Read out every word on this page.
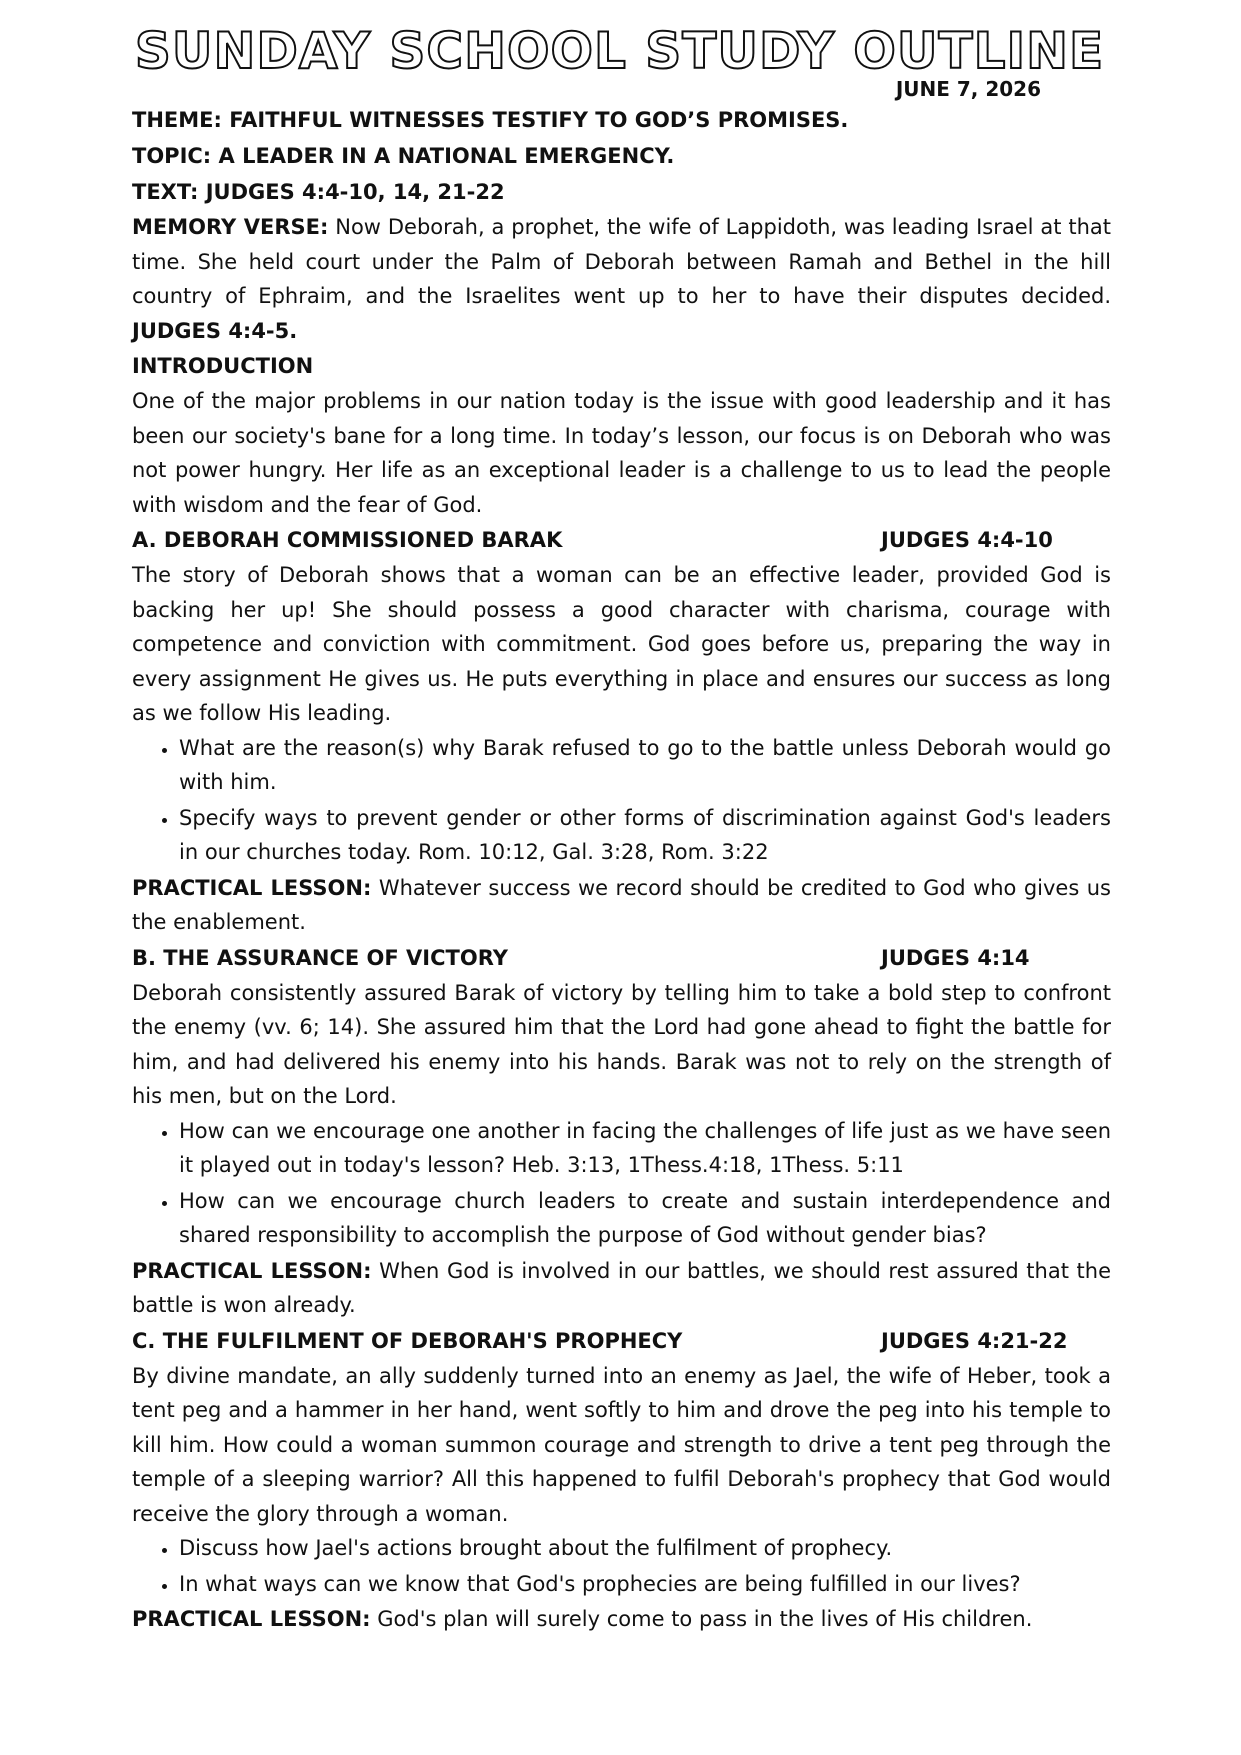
SUNDAY SCHOOL STUDY OUTLINE
JUNE 7, 2026
THEME: FAITHFUL WITNESSES TESTIFY TO GOD’S PROMISES.
TOPIC: A LEADER IN A NATIONAL EMERGENCY.
TEXT: JUDGES 4:4-10, 14, 21-22
MEMORY VERSE: Now Deborah, a prophet, the wife of Lappidoth, was leading Israel at that time. She held court under the Palm of Deborah between Ramah and Bethel in the hill country of Ephraim, and the Israelites went up to her to have their disputes decided. JUDGES 4:4-5.
INTRODUCTION
One of the major problems in our nation today is the issue with good leadership and it has been our society's bane for a long time. In today’s lesson, our focus is on Deborah who was not power hungry. Her life as an exceptional leader is a challenge to us to lead the people with wisdom and the fear of God.
A. DEBORAH COMMISSIONED BARAK	JUDGES 4:4-10
The story of Deborah shows that a woman can be an effective leader, provided God is backing her up! She should possess a good character with charisma, courage with competence and conviction with commitment. God goes before us, preparing the way in every assignment He gives us. He puts everything in place and ensures our success as long as we follow His leading.
• What are the reason(s) why Barak refused to go to the battle unless Deborah would go with him.
• Specify ways to prevent gender or other forms of discrimination against God's leaders in our churches today. Rom. 10:12, Gal. 3:28, Rom. 3:22
PRACTICAL LESSON: Whatever success we record should be credited to God who gives us the enablement.
B. THE ASSURANCE OF VICTORY	JUDGES 4:14
Deborah consistently assured Barak of victory by telling him to take a bold step to confront the enemy (vv. 6; 14). She assured him that the Lord had gone ahead to fight the battle for him, and had delivered his enemy into his hands. Barak was not to rely on the strength of his men, but on the Lord.
• How can we encourage one another in facing the challenges of life just as we have seen it played out in today's lesson? Heb. 3:13, 1Thess.4:18, 1Thess. 5:11
• How can we encourage church leaders to create and sustain interdependence and shared responsibility to accomplish the purpose of God without gender bias?
PRACTICAL LESSON: When God is involved in our battles, we should rest assured that the battle is won already.
C. THE FULFILMENT OF DEBORAH'S PROPHECY	JUDGES 4:21-22
By divine mandate, an ally suddenly turned into an enemy as Jael, the wife of Heber, took a tent peg and a hammer in her hand, went softly to him and drove the peg into his temple to kill him. How could a woman summon courage and strength to drive a tent peg through the temple of a sleeping warrior? All this happened to fulfil Deborah's prophecy that God would receive the glory through a woman.
• Discuss how Jael's actions brought about the fulfilment of prophecy.
• In what ways can we know that God's prophecies are being fulfilled in our lives?
PRACTICAL LESSON: God's plan will surely come to pass in the lives of His children.
